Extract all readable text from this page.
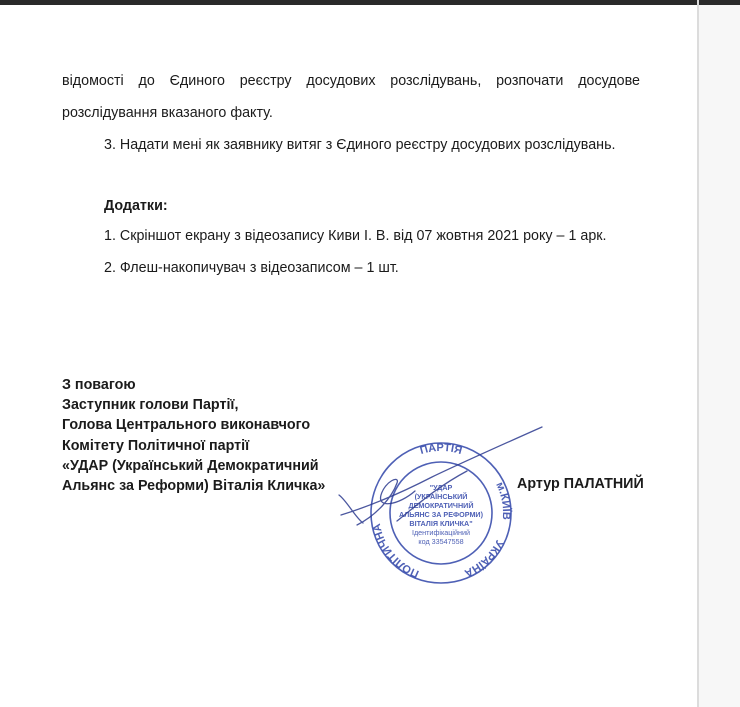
відомості до Єдиного реєстру досудових розслідувань, розпочати досудове
розслідування вказаного факту.
3. Надати мені як заявнику витяг з Єдиного реєстру досудових розслідувань.
Додатки:
1. Скріншот екрану з відеозапису Киви І. В. від 07 жовтня 2021 року – 1 арк.
2. Флеш-накопичувач з відеозаписом – 1 шт.
З повагою
Заступник голови Партії,
Голова Центрального виконавчого
Комітету Політичної партії
«УДАР (Український Демократичний
Альянс за Реформи) Віталія Кличка»	Артур ПАЛАТНИЙ
УКРАЇНА
ПОЛІТИЧНА
ПАРТІЯ
м.КИЇВ
"УДАР
(УКРАЇНСЬКИЙ
ДЕМОКРАТИЧНИЙ
АЛЬЯНС ЗА РЕФОРМИ)
ВІТАЛІЯ КЛИЧКА"
Ідентифікаційний
код 33547558
